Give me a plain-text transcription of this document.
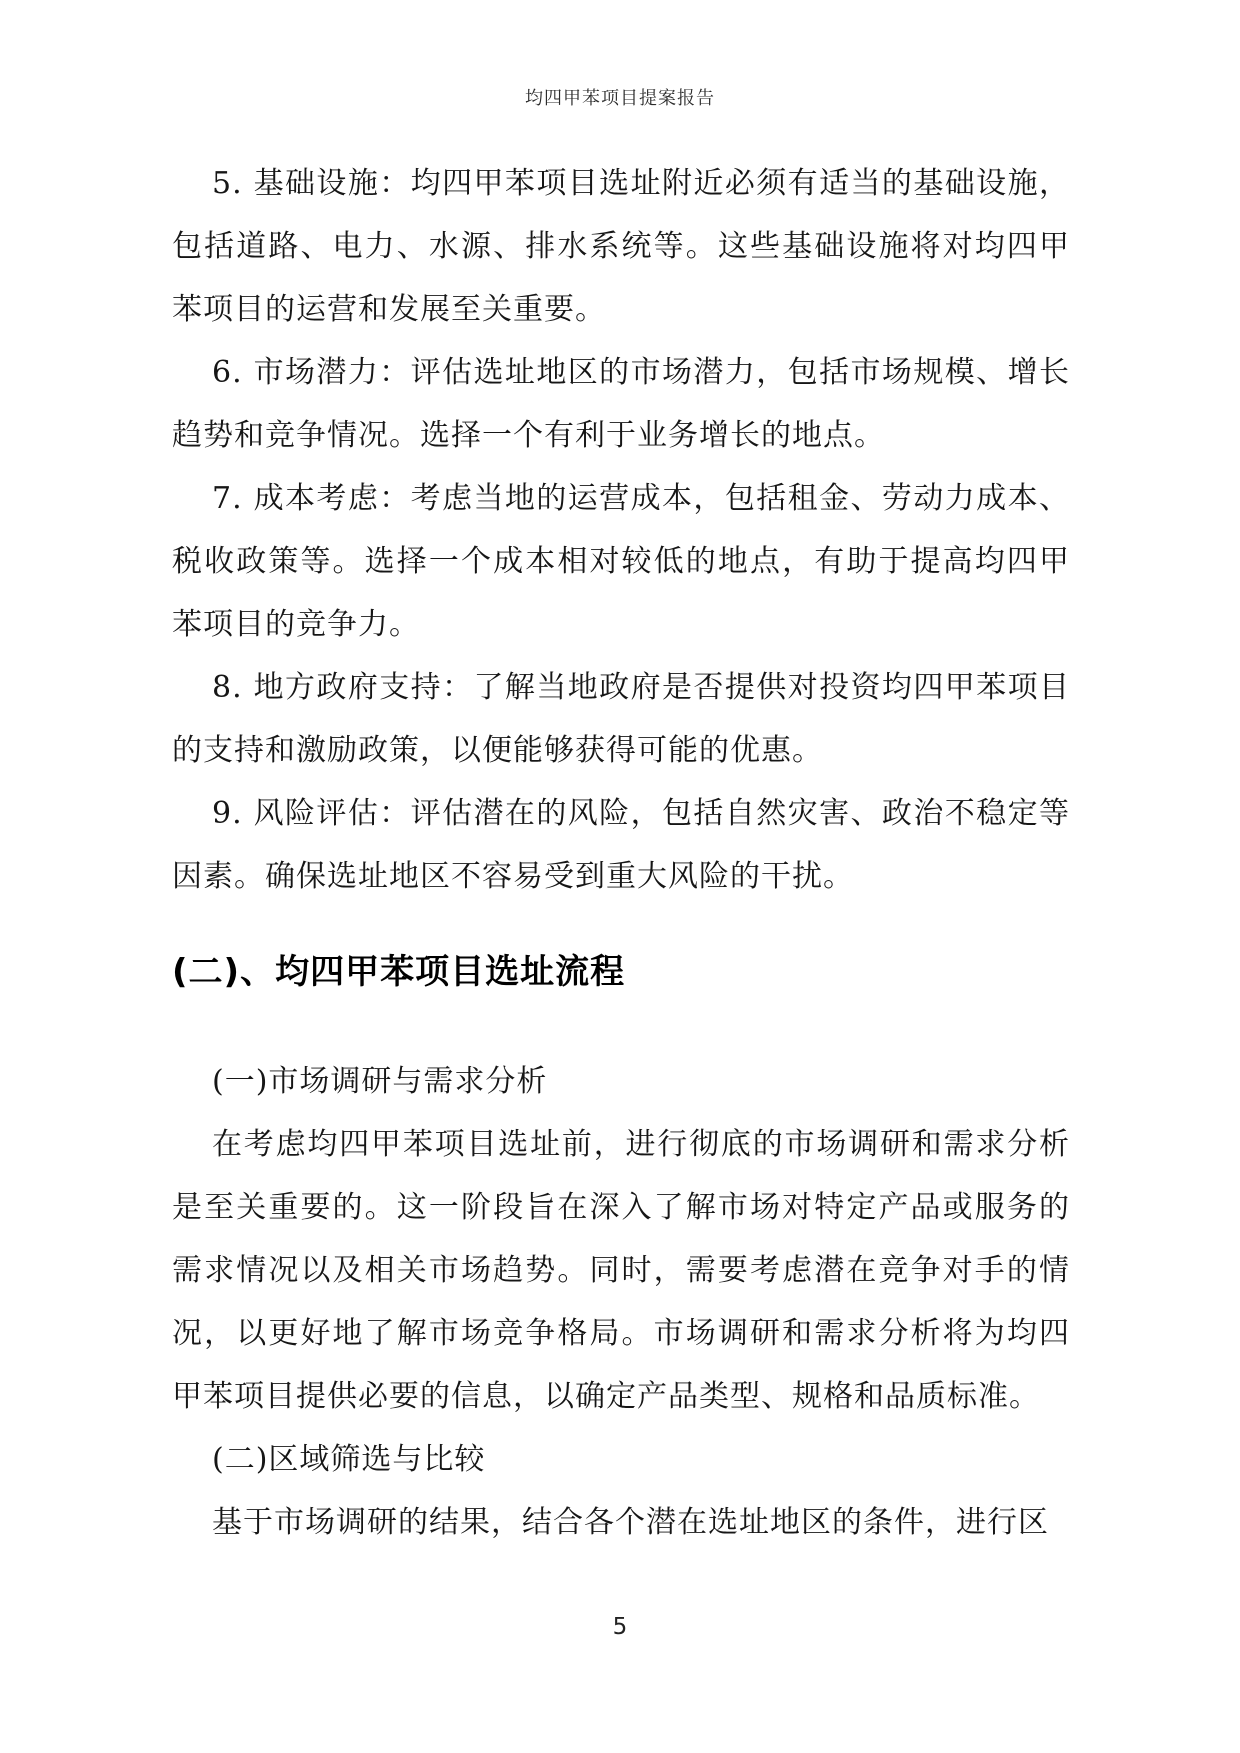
均四甲苯项目提案报告

5. 基础设施：均四甲苯项目选址附近必须有适当的基础设施，包括道路、电力、水源、排水系统等。这些基础设施将对均四甲苯项目的运营和发展至关重要。

6. 市场潜力：评估选址地区的市场潜力，包括市场规模、增长趋势和竞争情况。选择一个有利于业务增长的地点。

7. 成本考虑：考虑当地的运营成本，包括租金、劳动力成本、税收政策等。选择一个成本相对较低的地点，有助于提高均四甲苯项目的竞争力。

8. 地方政府支持：了解当地政府是否提供对投资均四甲苯项目的支持和激励政策，以便能够获得可能的优惠。

9. 风险评估：评估潜在的风险，包括自然灾害、政治不稳定等因素。确保选址地区不容易受到重大风险的干扰。

(二)、均四甲苯项目选址流程

(一)市场调研与需求分析

在考虑均四甲苯项目选址前，进行彻底的市场调研和需求分析是至关重要的。这一阶段旨在深入了解市场对特定产品或服务的需求情况以及相关市场趋势。同时，需要考虑潜在竞争对手的情况，以更好地了解市场竞争格局。市场调研和需求分析将为均四甲苯项目提供必要的信息，以确定产品类型、规格和品质标准。

(二)区域筛选与比较

基于市场调研的结果，结合各个潜在选址地区的条件，进行区

5
